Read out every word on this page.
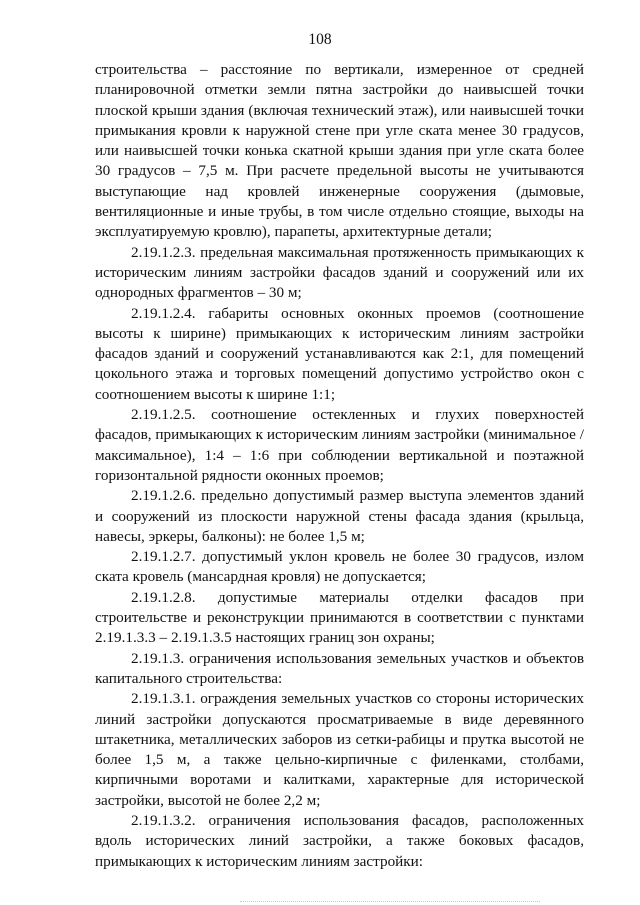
108

строительства – расстояние по вертикали, измеренное от средней планировочной отметки земли пятна застройки до наивысшей точки плоской крыши здания (включая технический этаж), или наивысшей точки примыкания кровли к наружной стене при угле ската менее 30 градусов, или наивысшей точки конька скатной крыши здания при угле ската более 30 градусов – 7,5 м. При расчете предельной высоты не учитываются выступающие над кровлей инженерные сооружения (дымовые, вентиляционные и иные трубы, в том числе отдельно стоящие, выходы на эксплуатируемую кровлю), парапеты, архитектурные детали;

2.19.1.2.3. предельная максимальная протяженность примыкающих к историческим линиям застройки фасадов зданий и сооружений или их однородных фрагментов – 30 м;

2.19.1.2.4. габариты основных оконных проемов (соотношение высоты к ширине) примыкающих к историческим линиям застройки фасадов зданий и сооружений устанавливаются как 2:1, для помещений цокольного этажа и торговых помещений допустимо устройство окон с соотношением высоты к ширине 1:1;

2.19.1.2.5. соотношение остекленных и глухих поверхностей фасадов, примыкающих к историческим линиям застройки (минимальное / максимальное), 1:4 – 1:6 при соблюдении вертикальной и поэтажной горизонтальной рядности оконных проемов;

2.19.1.2.6. предельно допустимый размер выступа элементов зданий и сооружений из плоскости наружной стены фасада здания (крыльца, навесы, эркеры, балконы): не более 1,5 м;

2.19.1.2.7. допустимый уклон кровель не более 30 градусов, излом ската кровель (мансардная кровля) не допускается;

2.19.1.2.8. допустимые материалы отделки фасадов при строительстве и реконструкции принимаются в соответствии с пунктами 2.19.1.3.3 – 2.19.1.3.5 настоящих границ зон охраны;

2.19.1.3. ограничения использования земельных участков и объектов капитального строительства:

2.19.1.3.1. ограждения земельных участков со стороны исторических линий застройки допускаются просматриваемые в виде деревянного штакетника, металлических заборов из сетки-рабицы и прутка высотой не более 1,5 м, а также цельно-кирпичные с филенками, столбами, кирпичными воротами и калитками, характерные для исторической застройки, высотой не более 2,2 м;

2.19.1.3.2. ограничения использования фасадов, расположенных вдоль исторических линий застройки, а также боковых фасадов, примыкающих к историческим линиям застройки:
